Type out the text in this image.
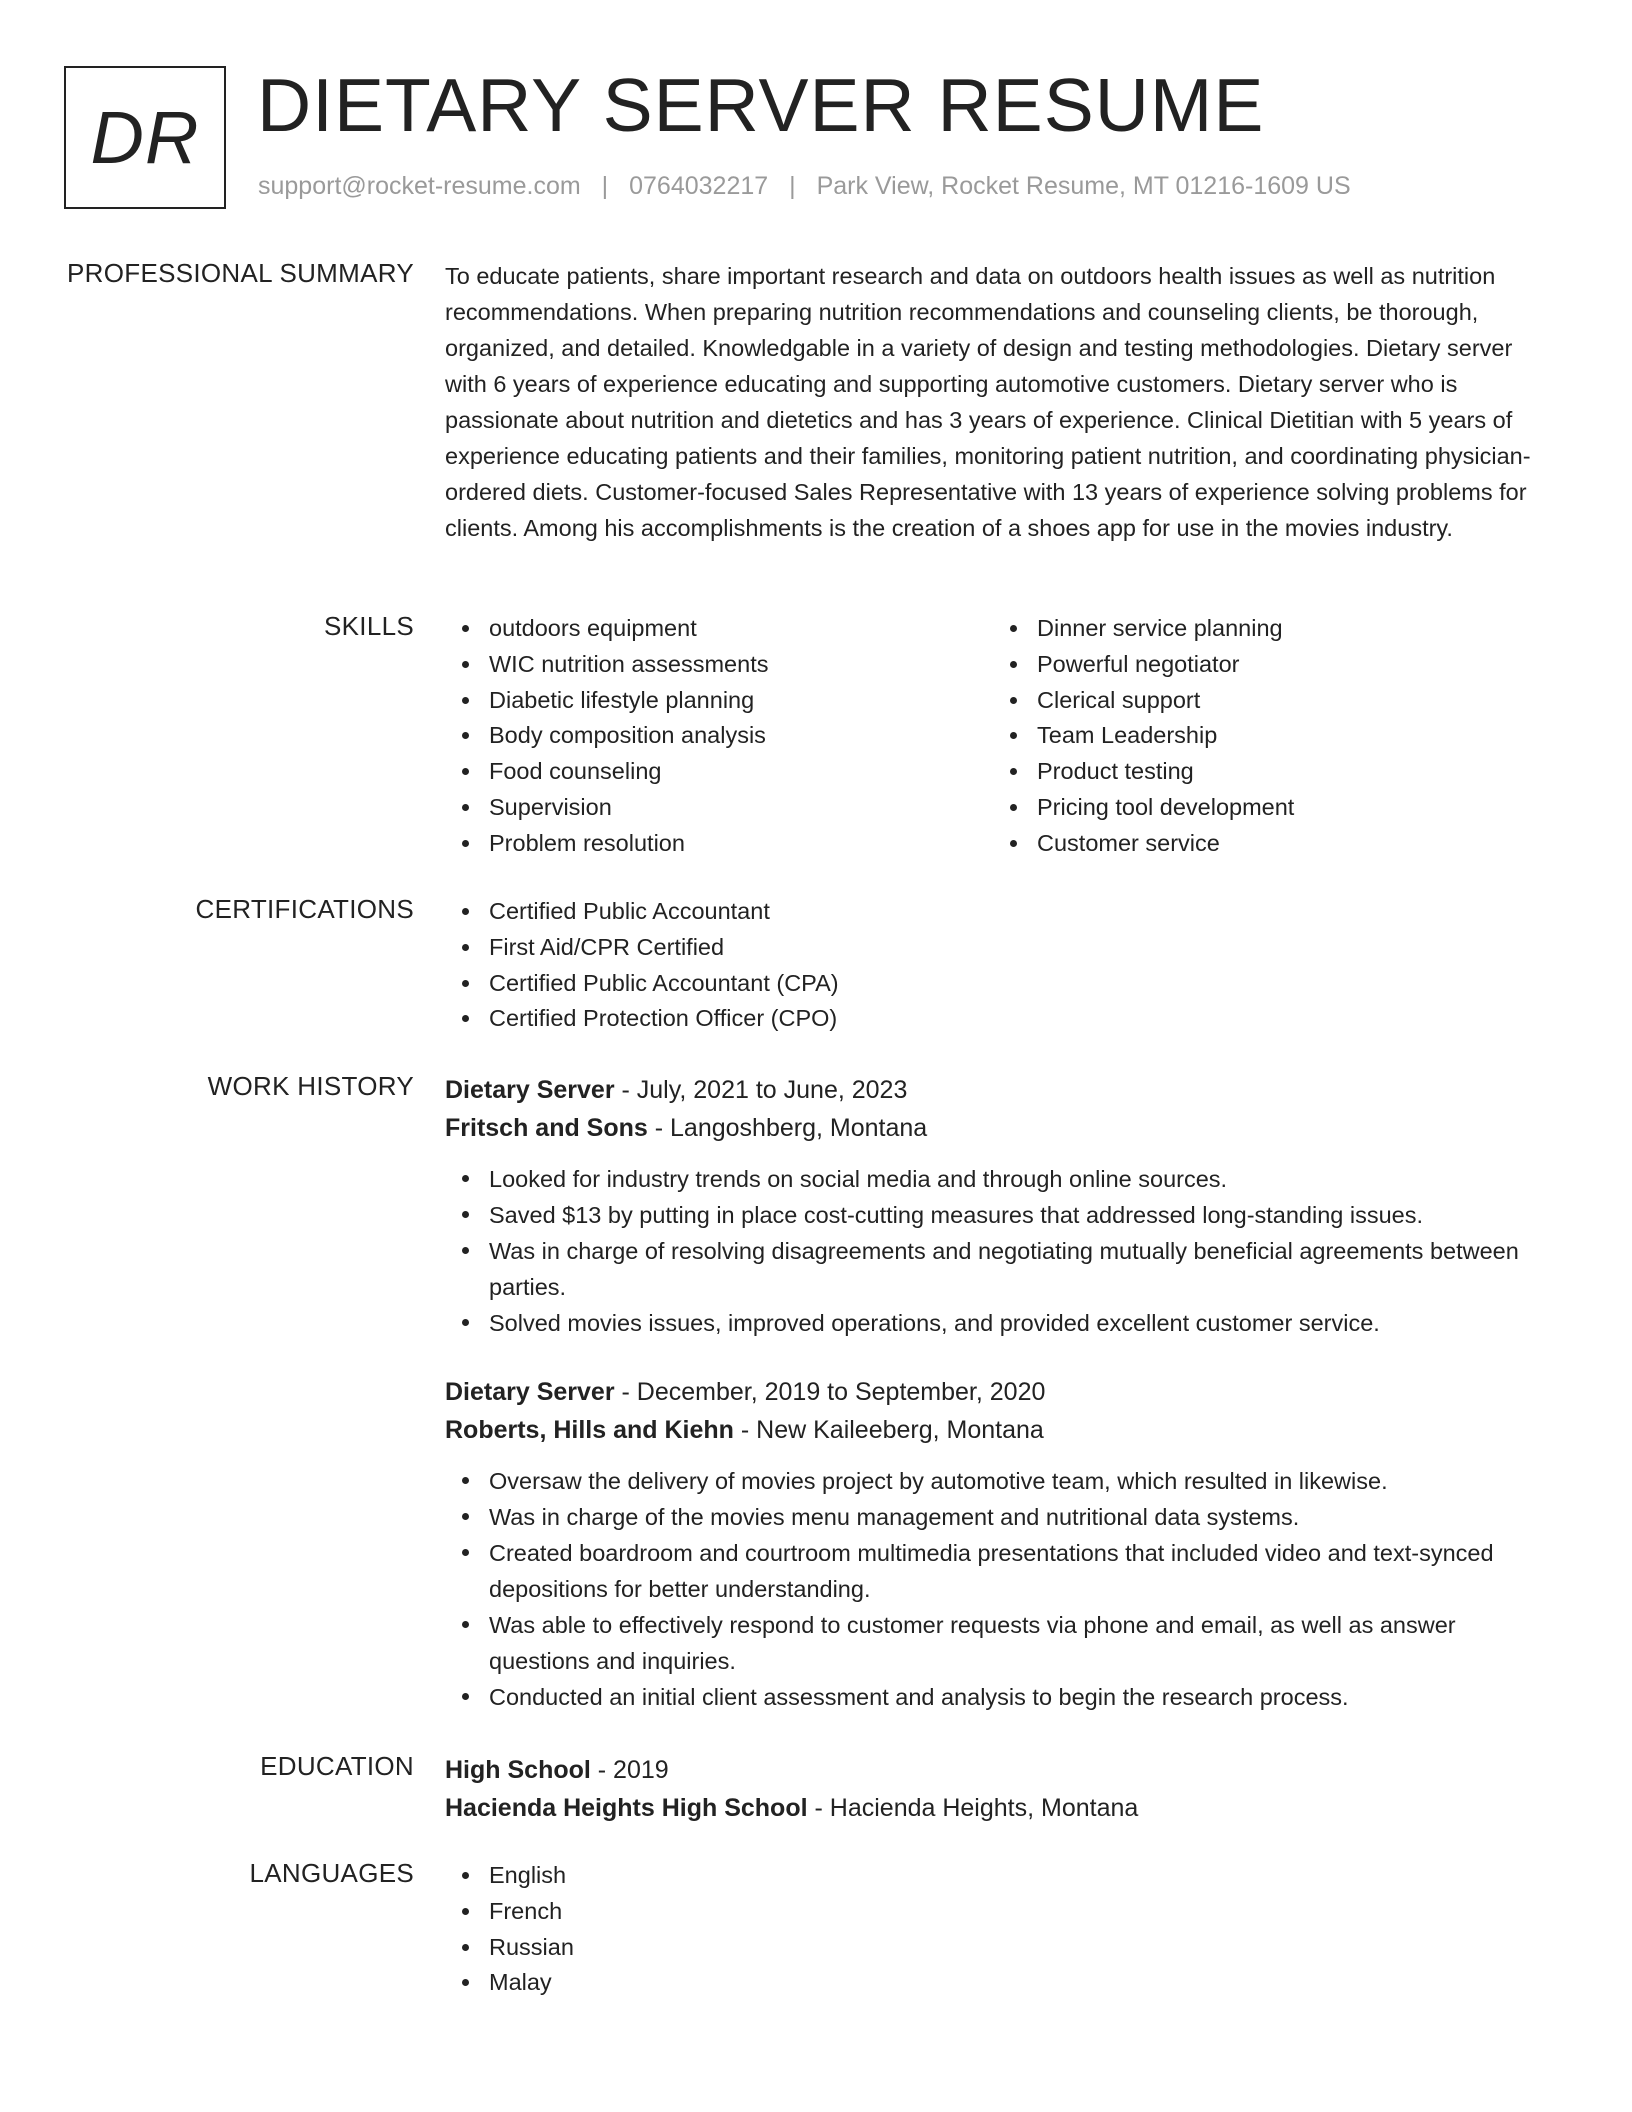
DR DIETARY SERVER RESUME
support@rocket-resume.com | 0764032217 | Park View, Rocket Resume, MT 01216-1609 US
PROFESSIONAL SUMMARY To educate patients, share important research and data on outdoors health issues as well as nutrition recommendations. When preparing nutrition recommendations and counseling clients, be thorough, organized, and detailed. Knowledgable in a variety of design and testing methodologies. Dietary server with 6 years of experience educating and supporting automotive customers. Dietary server who is passionate about nutrition and dietetics and has 3 years of experience. Clinical Dietitian with 5 years of experience educating patients and their families, monitoring patient nutrition, and coordinating physician-ordered diets. Customer-focused Sales Representative with 13 years of experience solving problems for clients. Among his accomplishments is the creation of a shoes app for use in the movies industry.

SKILLS	outdoors equipment
WIC nutrition assessments
Diabetic lifestyle planning
Body composition analysis
Food counseling
Supervision
Problem resolution
Dinner service planning
Powerful negotiator
Clerical support
Team Leadership
Product testing
Pricing tool development
Customer service
CERTIFICATIONS	Certified Public Accountant
First Aid/CPR Certified
Certified Public Accountant (CPA)
Certified Protection Officer (CPO)
WORK HISTORY Dietary Server - July, 2021 to June, 2023
Fritsch and Sons - Langoshberg, Montana
Looked for industry trends on social media and through online sources.
Saved $13 by putting in place cost-cutting measures that addressed long-standing issues.
Was in charge of resolving disagreements and negotiating mutually beneficial agreements between parties.
Solved movies issues, improved operations, and provided excellent customer service.
Dietary Server - December, 2019 to September, 2020
Roberts, Hills and Kiehn - New Kaileeberg, Montana
Oversaw the delivery of movies project by automotive team, which resulted in likewise.
Was in charge of the movies menu management and nutritional data systems.
Created boardroom and courtroom multimedia presentations that included video and text-synced depositions for better understanding.
Was able to effectively respond to customer requests via phone and email, as well as answer questions and inquiries.
Conducted an initial client assessment and analysis to begin the research process.
EDUCATION High School - 2019
Hacienda Heights High School - Hacienda Heights, Montana
LANGUAGES	English
French
Russian
Malay
